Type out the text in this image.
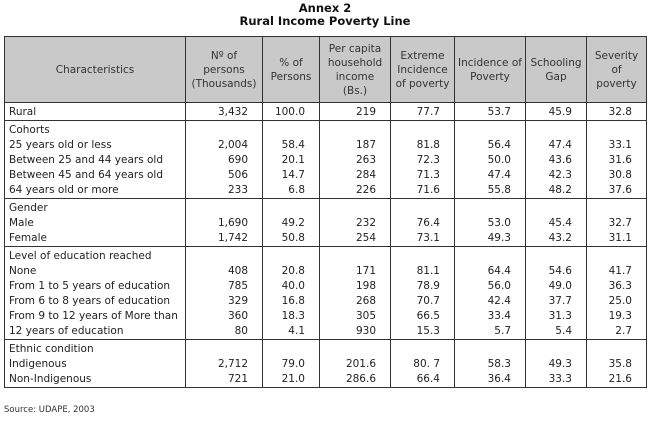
Annex 2
Rural Income Poverty Line
Characteristics	Nº of persons (Thousands)	% of Persons	Per capita household income (Bs.)	Extreme Incidence of poverty	Incidence of Poverty	Schooling Gap	Severity of poverty
Rural	3,432	100.0	219	77.7	53.7	45.9	32.8
Cohorts							
25 years old or less	2,004	58.4	187	81.8	56.4	47.4	33.1
Between 25 and 44 years old	690	20.1	263	72.3	50.0	43.6	31.6
Between 45 and 64 years old	506	14.7	284	71.3	47.4	42.3	30.8
64 years old or more	233	6.8	226	71.6	55.8	48.2	37.6
Gender							
Male	1,690	49.2	232	76.4	53.0	45.4	32.7
Female	1,742	50.8	254	73.1	49.3	43.2	31.1
Level of education reached							
None	408	20.8	171	81.1	64.4	54.6	41.7
From 1 to 5 years of education	785	40.0	198	78.9	56.0	49.0	36.3
From 6 to 8 years of education	329	16.8	268	70.7	42.4	37.7	25.0
From 9 to 12 years of More than	360	18.3	305	66.5	33.4	31.3	19.3
12 years of education	80	4.1	930	15.3	5.7	5.4	2.7
Ethnic condition							
Indigenous	2,712	79.0	201.6	80. 7	58.3	49.3	35.8
Non-Indigenous	721	21.0	286.6	66.4	36.4	33.3	21.6
Source: UDAPE, 2003
